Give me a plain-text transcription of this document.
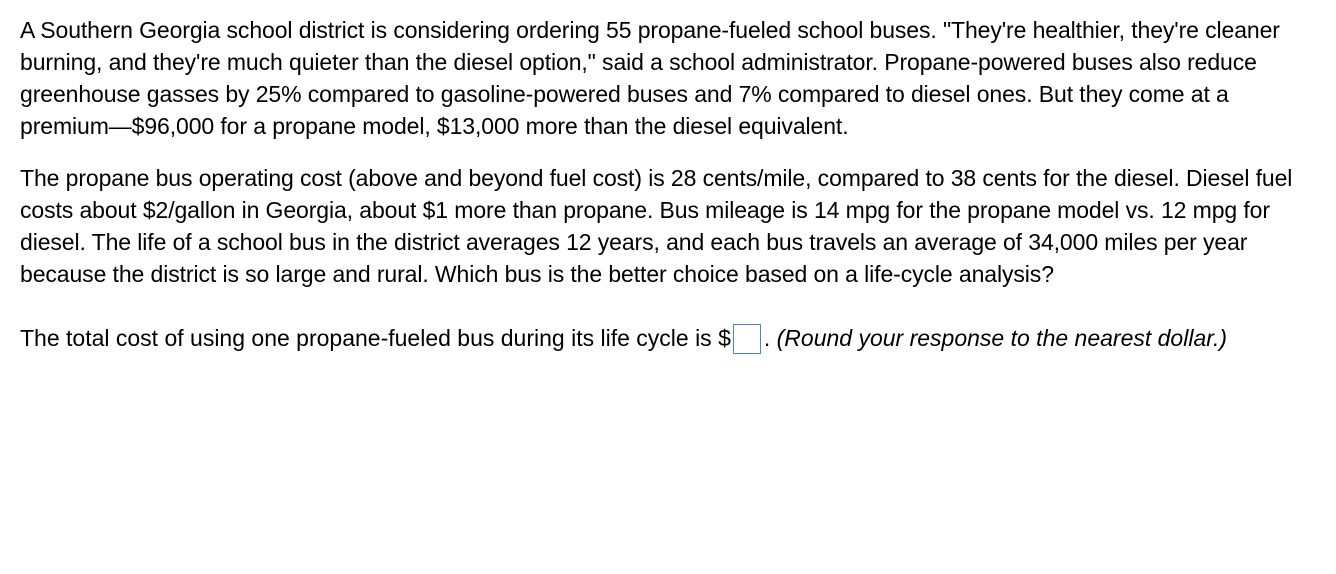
A Southern Georgia school district is considering ordering 55 propane-fueled school buses. "They're healthier, they're cleaner burning, and they're much quieter than the diesel option," said a school administrator. Propane-powered buses also reduce greenhouse gasses by 25% compared to gasoline-powered buses and 7% compared to diesel ones. But they come at a premium—$96,000 for a propane model, $13,000 more than the diesel equivalent.

The propane bus operating cost (above and beyond fuel cost) is 28 cents/mile, compared to 38 cents for the diesel. Diesel fuel costs about $2/gallon in Georgia, about $1 more than propane. Bus mileage is 14 mpg for the propane model vs. 12 mpg for diesel. The life of a school bus in the district averages 12 years, and each bus travels an average of 34,000 miles per year because the district is so large and rural. Which bus is the better choice based on a life-cycle analysis?

The total cost of using one propane-fueled bus during its life cycle is $ . (Round your response to the nearest dollar.)
